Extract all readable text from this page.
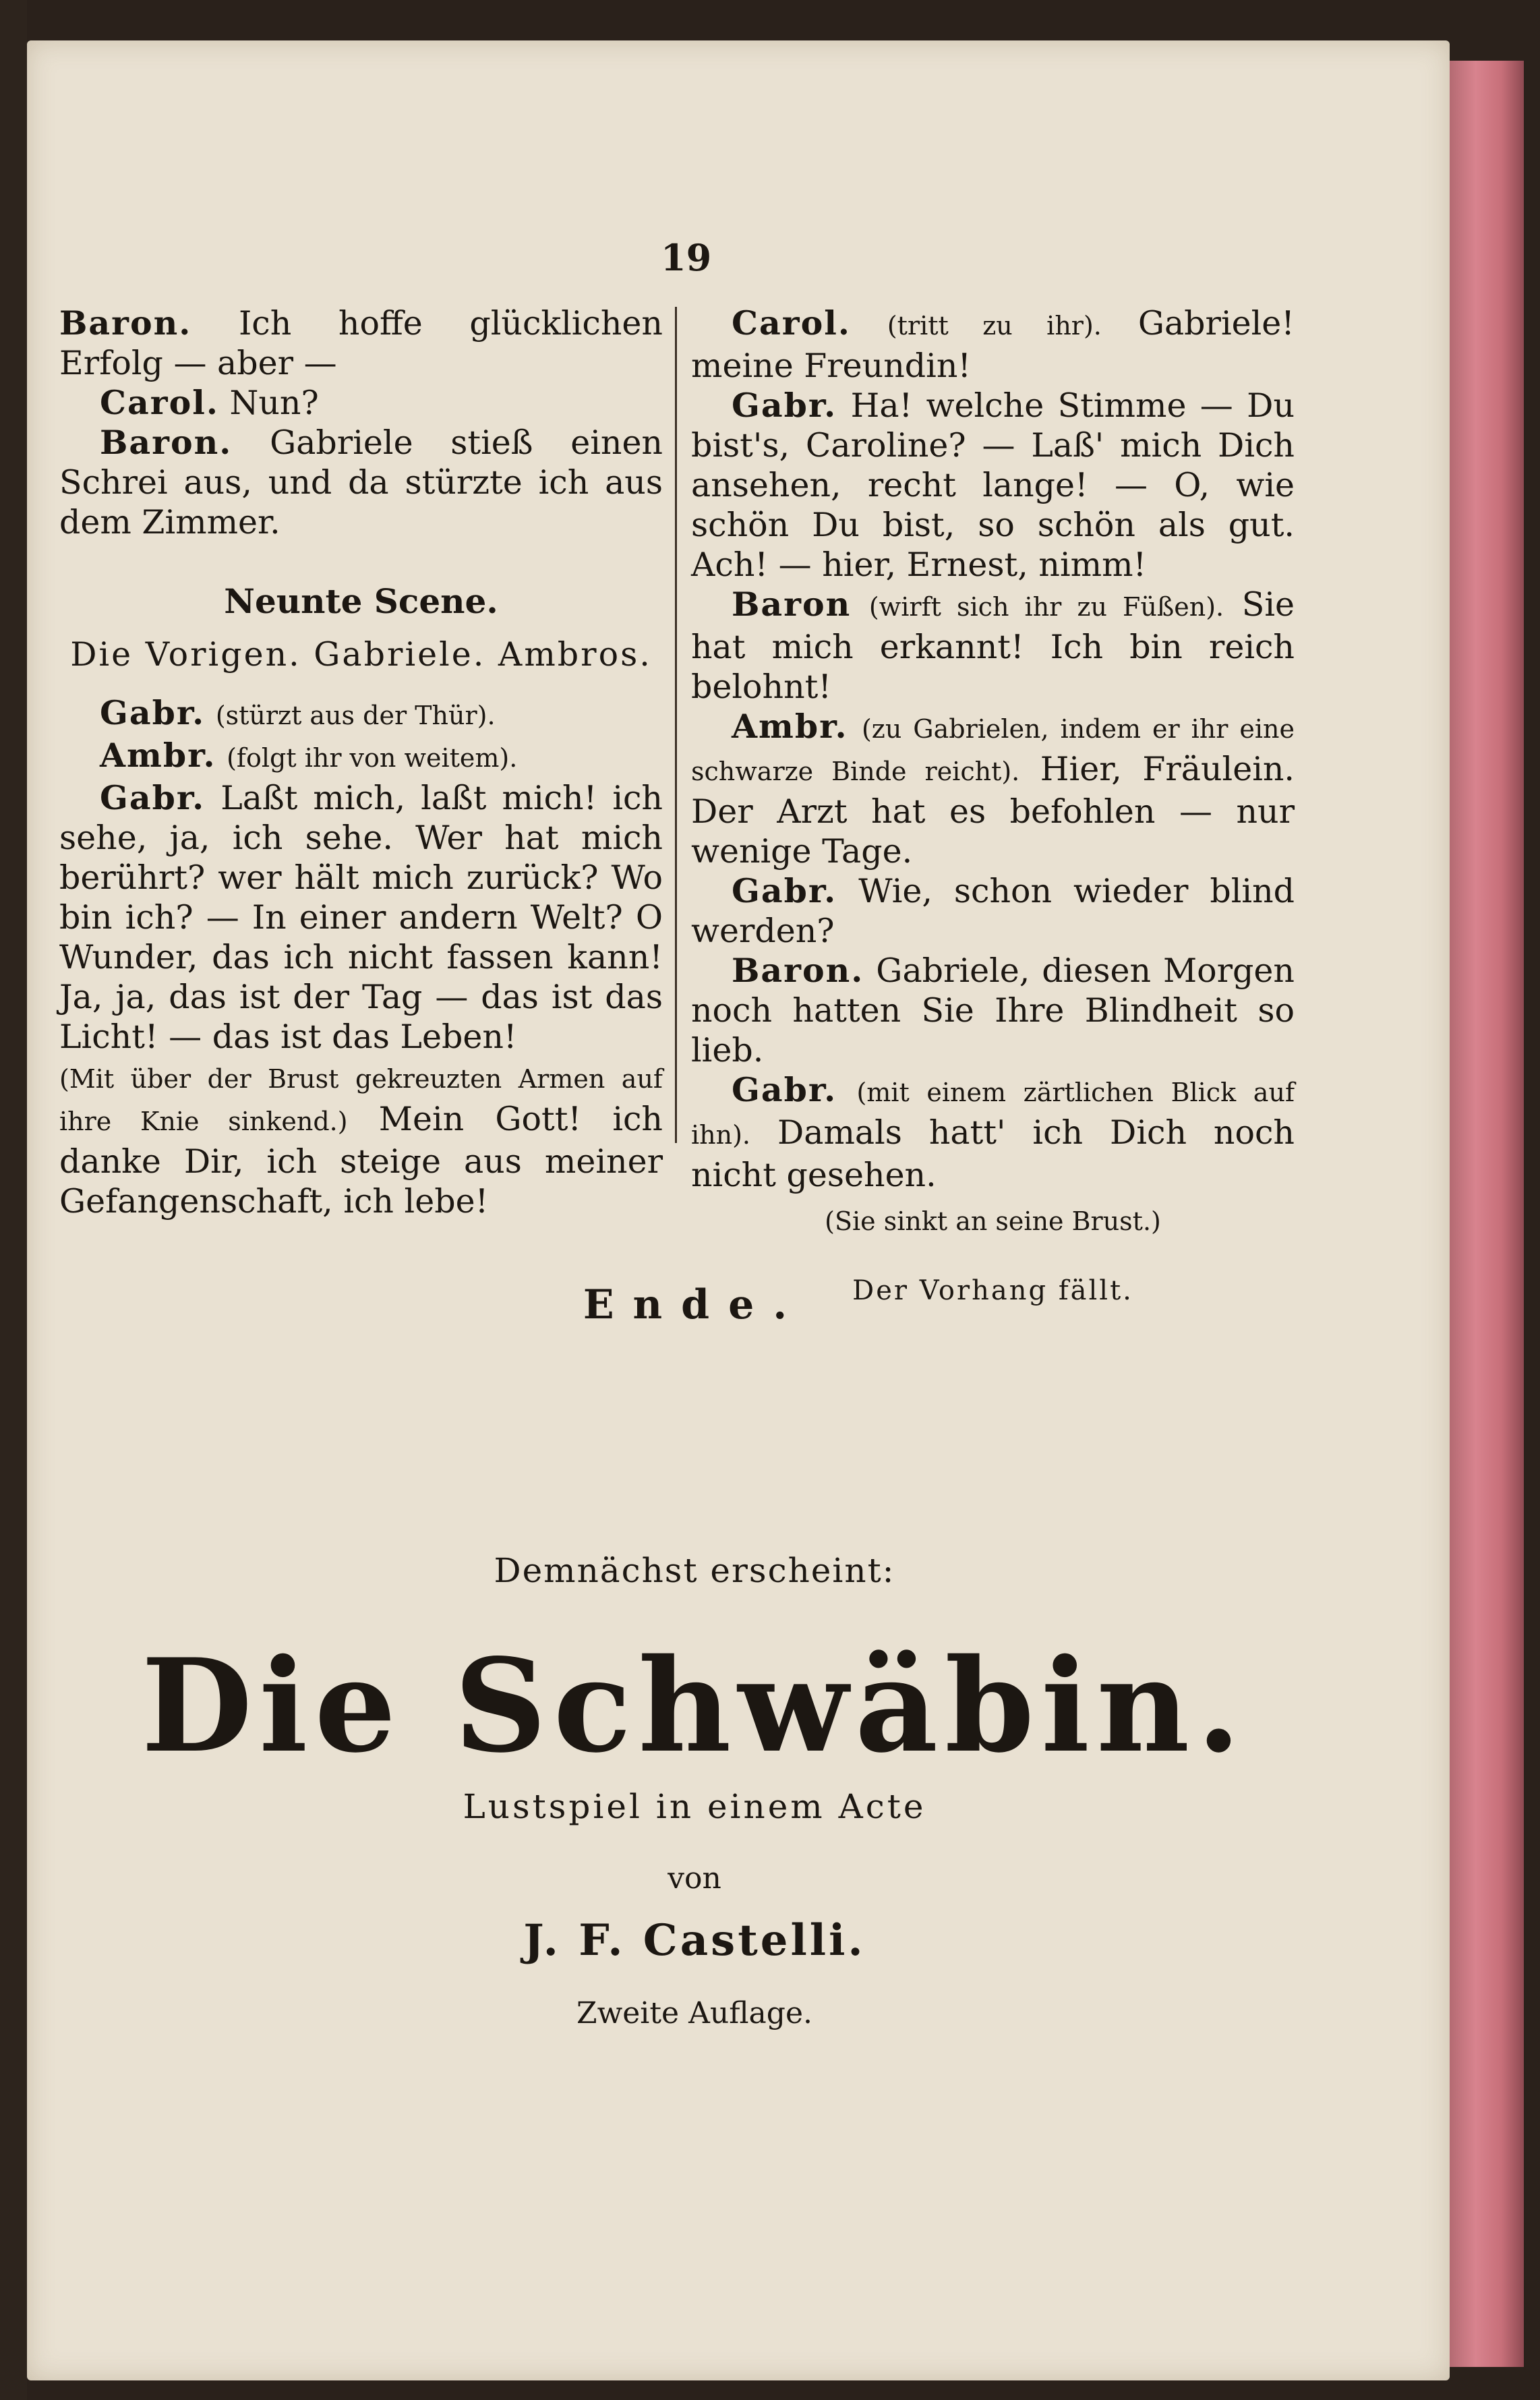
19

Baron. Ich hoffe glücklichen Erfolg — aber —

Carol. Nun?

Baron. Gabriele stieß einen Schrei aus, und da stürzte ich aus dem Zimmer.

Neunte Scene.
Die Vorigen. Gabriele. Ambros.

Gabr. (stürzt aus der Thür).

Ambr. (folgt ihr von weitem).

Gabr. Laßt mich, laßt mich! ich sehe, ja, ich sehe. Wer hat mich berührt? wer hält mich zurück? Wo bin ich? — In einer andern Welt? O Wunder, das ich nicht fassen kann! Ja, ja, das ist der Tag — das ist das Licht! — das ist das Leben!

(Mit über der Brust gekreuzten Armen auf ihre Knie sinkend.) Mein Gott! ich danke Dir, ich steige aus meiner Gefangenschaft, ich lebe!

Carol. (tritt zu ihr). Gabriele! meine Freundin!

Gabr. Ha! welche Stimme — Du bist's, Caroline? — Laß' mich Dich ansehen, recht lange! — O, wie schön Du bist, so schön als gut. Ach! — hier, Ernest, nimm!

Baron (wirft sich ihr zu Füßen). Sie hat mich erkannt! Ich bin reich belohnt!

Ambr. (zu Gabrielen, indem er ihr eine schwarze Binde reicht). Hier, Fräulein. Der Arzt hat es befohlen — nur wenige Tage.

Gabr. Wie, schon wieder blind werden?

Baron. Gabriele, diesen Morgen noch hatten Sie Ihre Blindheit so lieb.

Gabr. (mit einem zärtlichen Blick auf ihn). Damals hatt' ich Dich noch nicht gesehen.

(Sie sinkt an seine Brust.)
Der Vorhang fällt.
Ende.
Demnächst erscheint:
Die Schwäbin.
Lustspiel in einem Acte
von
J. F. Castelli.
Zweite Auflage.
